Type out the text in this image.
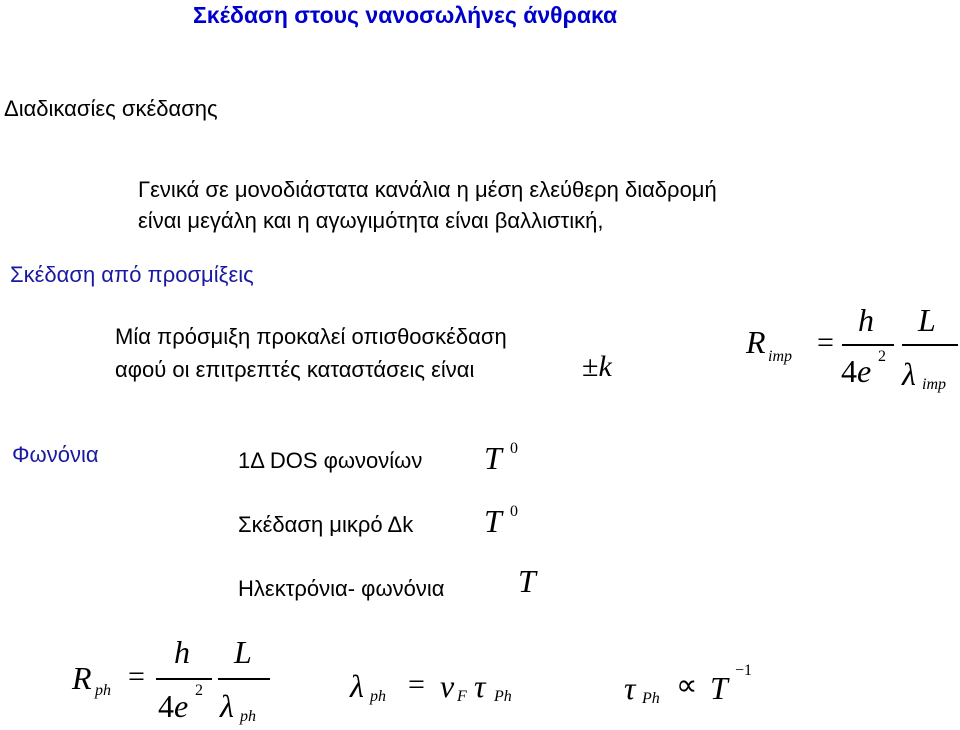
Σκέδαση στους νανοσωλήνες άνθρακα
Διαδικασίες σκέδασης
Γενικά σε μονοδιάστατα κανάλια η μέση ελεύθερη διαδρομή
είναι μεγάλη και η αγωγιμότητα είναι βαλλιστική,
Σκέδαση από προσμίξεις
Μία πρόσμιξη προκαλεί οπισθοσκέδαση
αφού οι επιτρεπτές καταστάσεις είναι	±k
R imp =
h
4e 2
L
λ imp
Φωνόνια	1Δ DOS φωνονίων T 0
Σκέδαση μικρό Δk T 0
Ηλεκτρόνια- φωνόνια T
R ph =
h
4e 2
L
λ ph
λ ph = v F τ Ph	τ Ph ∝ T −1
